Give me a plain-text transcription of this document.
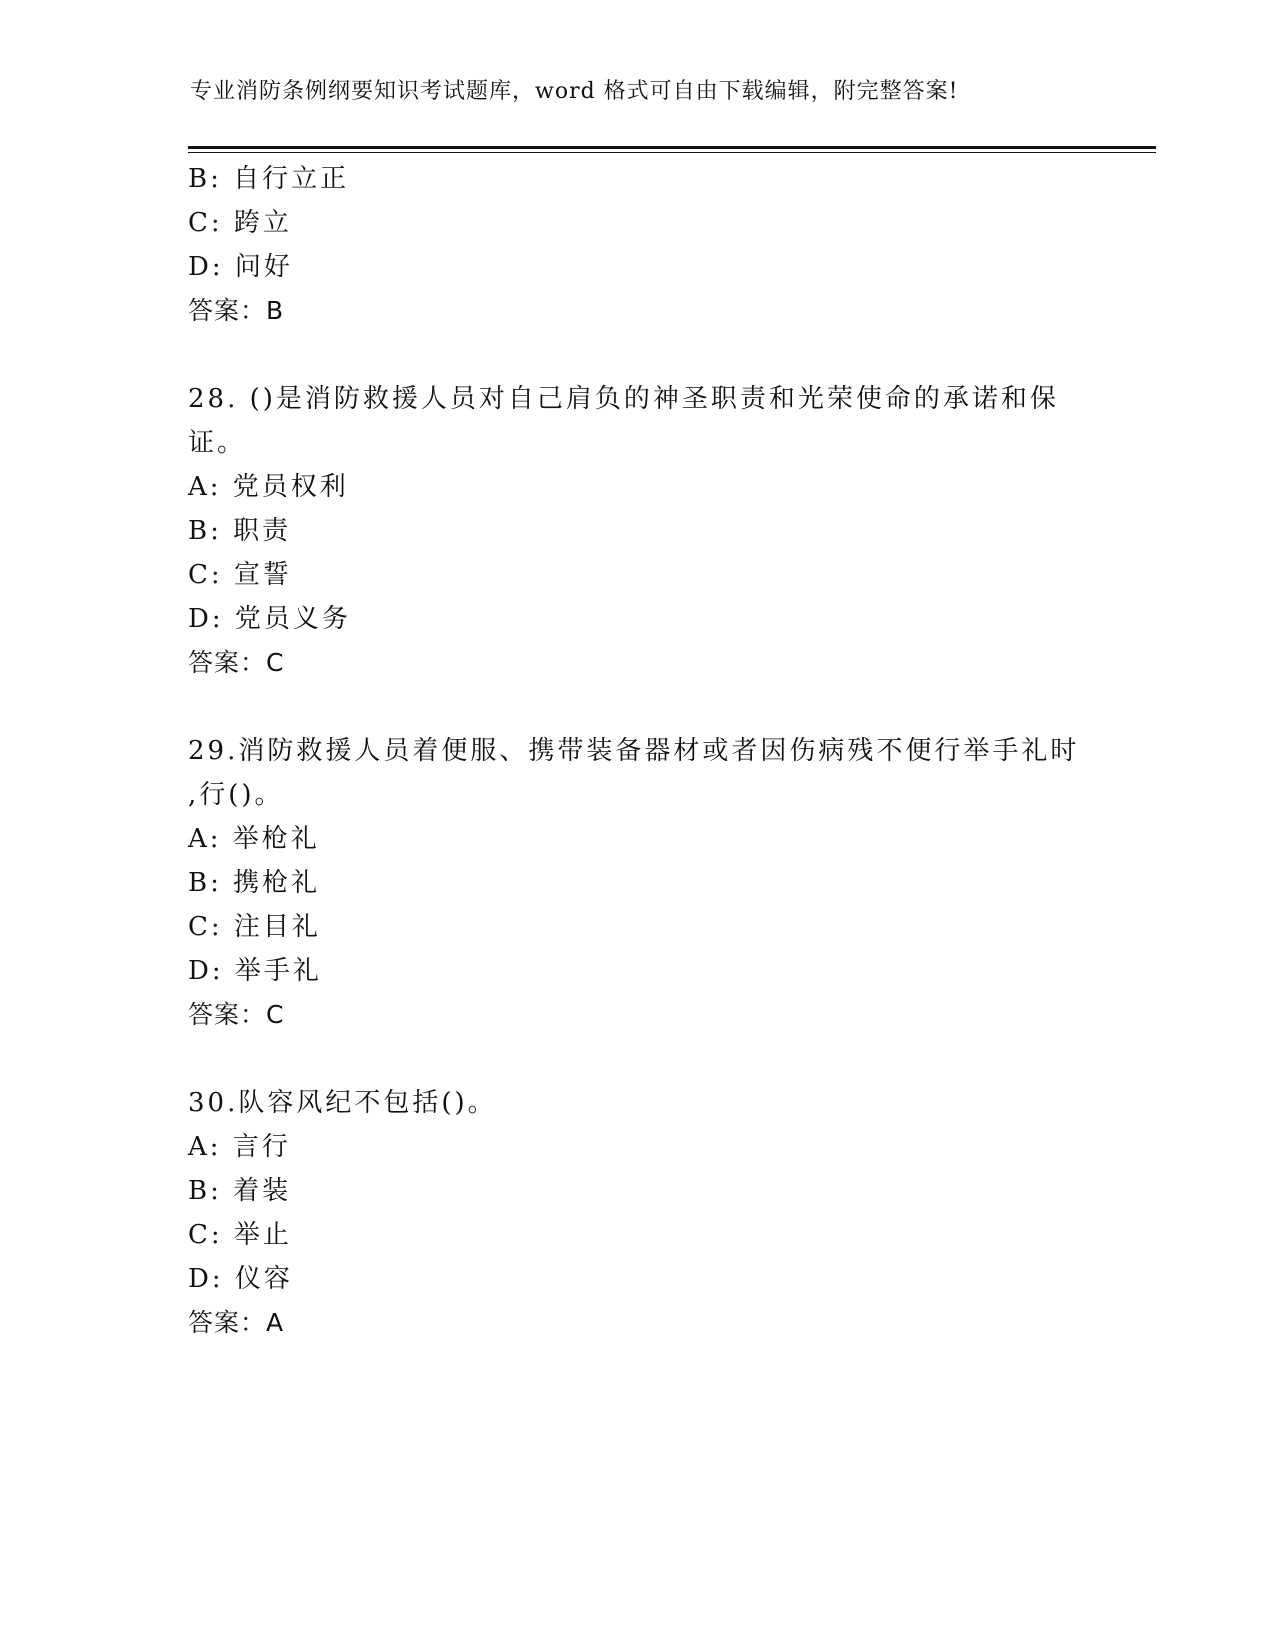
专业消防条例纲要知识考试题库，word 格式可自由下载编辑，附完整答案!
B: 自行立正
C: 跨立
D: 问好
答案：B
28. ()是消防救援人员对自己肩负的神圣职责和光荣使命的承诺和保
证。
A: 党员权利
B: 职责
C: 宣誓
D: 党员义务
答案：C
29.消防救援人员着便服、携带装备器材或者因伤病残不便行举手礼时
,行()。
A: 举枪礼
B: 携枪礼
C: 注目礼
D: 举手礼
答案：C
30.队容风纪不包括()。
A: 言行
B: 着装
C: 举止
D: 仪容
答案：A
